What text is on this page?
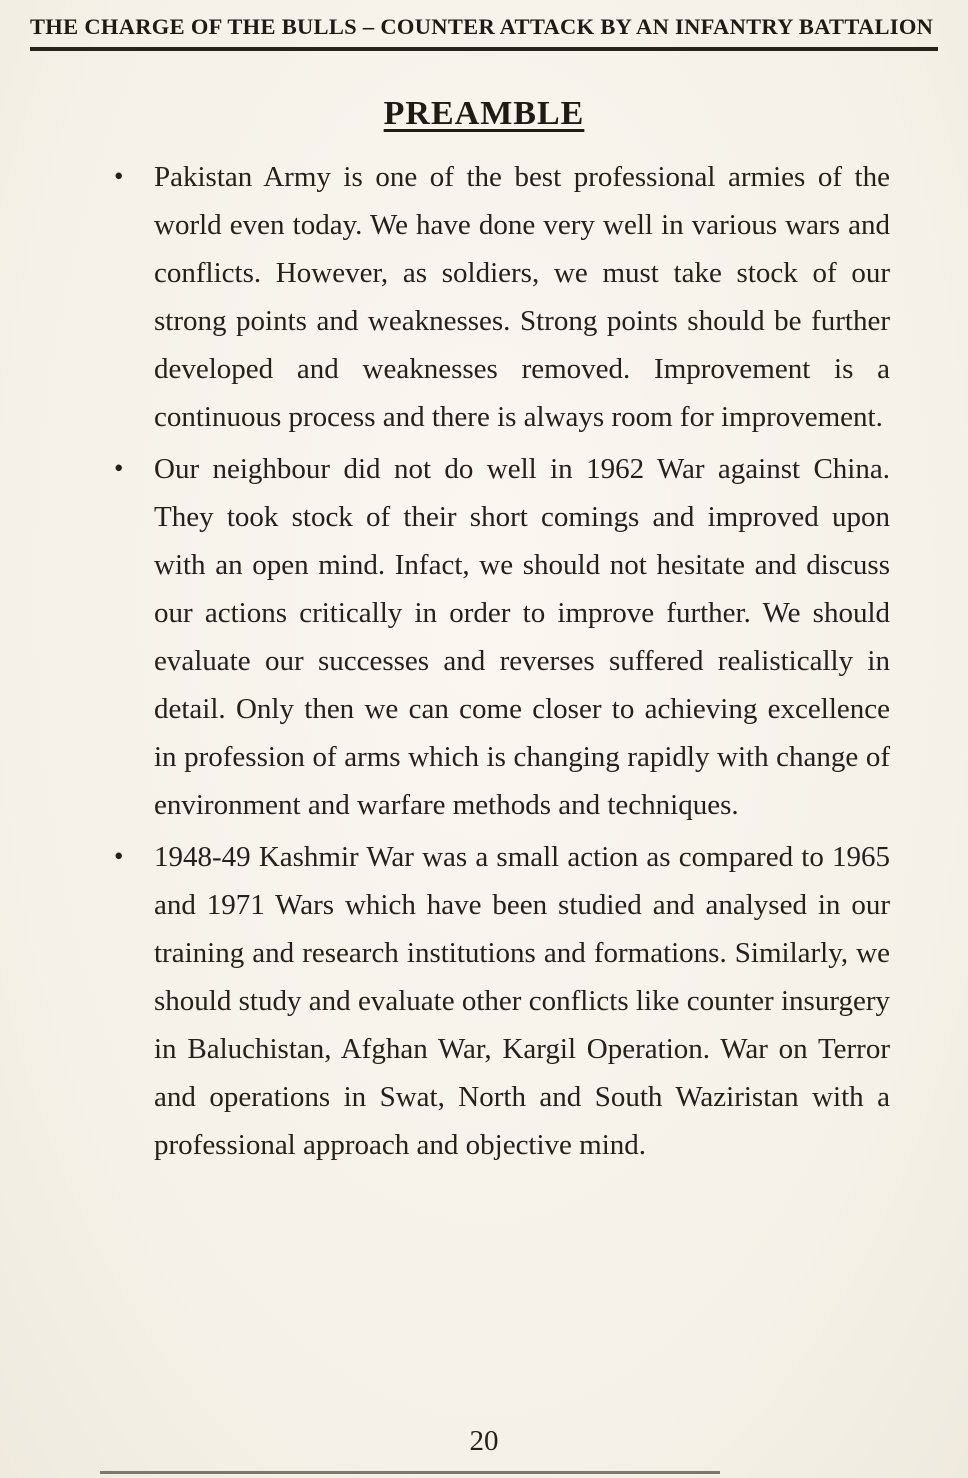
THE CHARGE OF THE BULLS – COUNTER ATTACK BY AN INFANTRY BATTALION
PREAMBLE
• Pakistan Army is one of the best professional armies of the world even today. We have done very well in various wars and conflicts. However, as soldiers, we must take stock of our strong points and weaknesses. Strong points should be further developed and weaknesses removed. Improvement is a continuous process and there is always room for improvement.
• Our neighbour did not do well in 1962 War against China. They took stock of their short comings and improved upon with an open mind. Infact, we should not hesitate and discuss our actions critically in order to improve further. We should evaluate our successes and reverses suffered realistically in detail. Only then we can come closer to achieving excellence in profession of arms which is changing rapidly with change of environment and warfare methods and techniques.
• 1948-49 Kashmir War was a small action as compared to 1965 and 1971 Wars which have been studied and analysed in our training and research institutions and formations. Similarly, we should study and evaluate other conflicts like counter insurgery in Baluchistan, Afghan War, Kargil Operation. War on Terror and operations in Swat, North and South Waziristan with a professional approach and objective mind.
20
